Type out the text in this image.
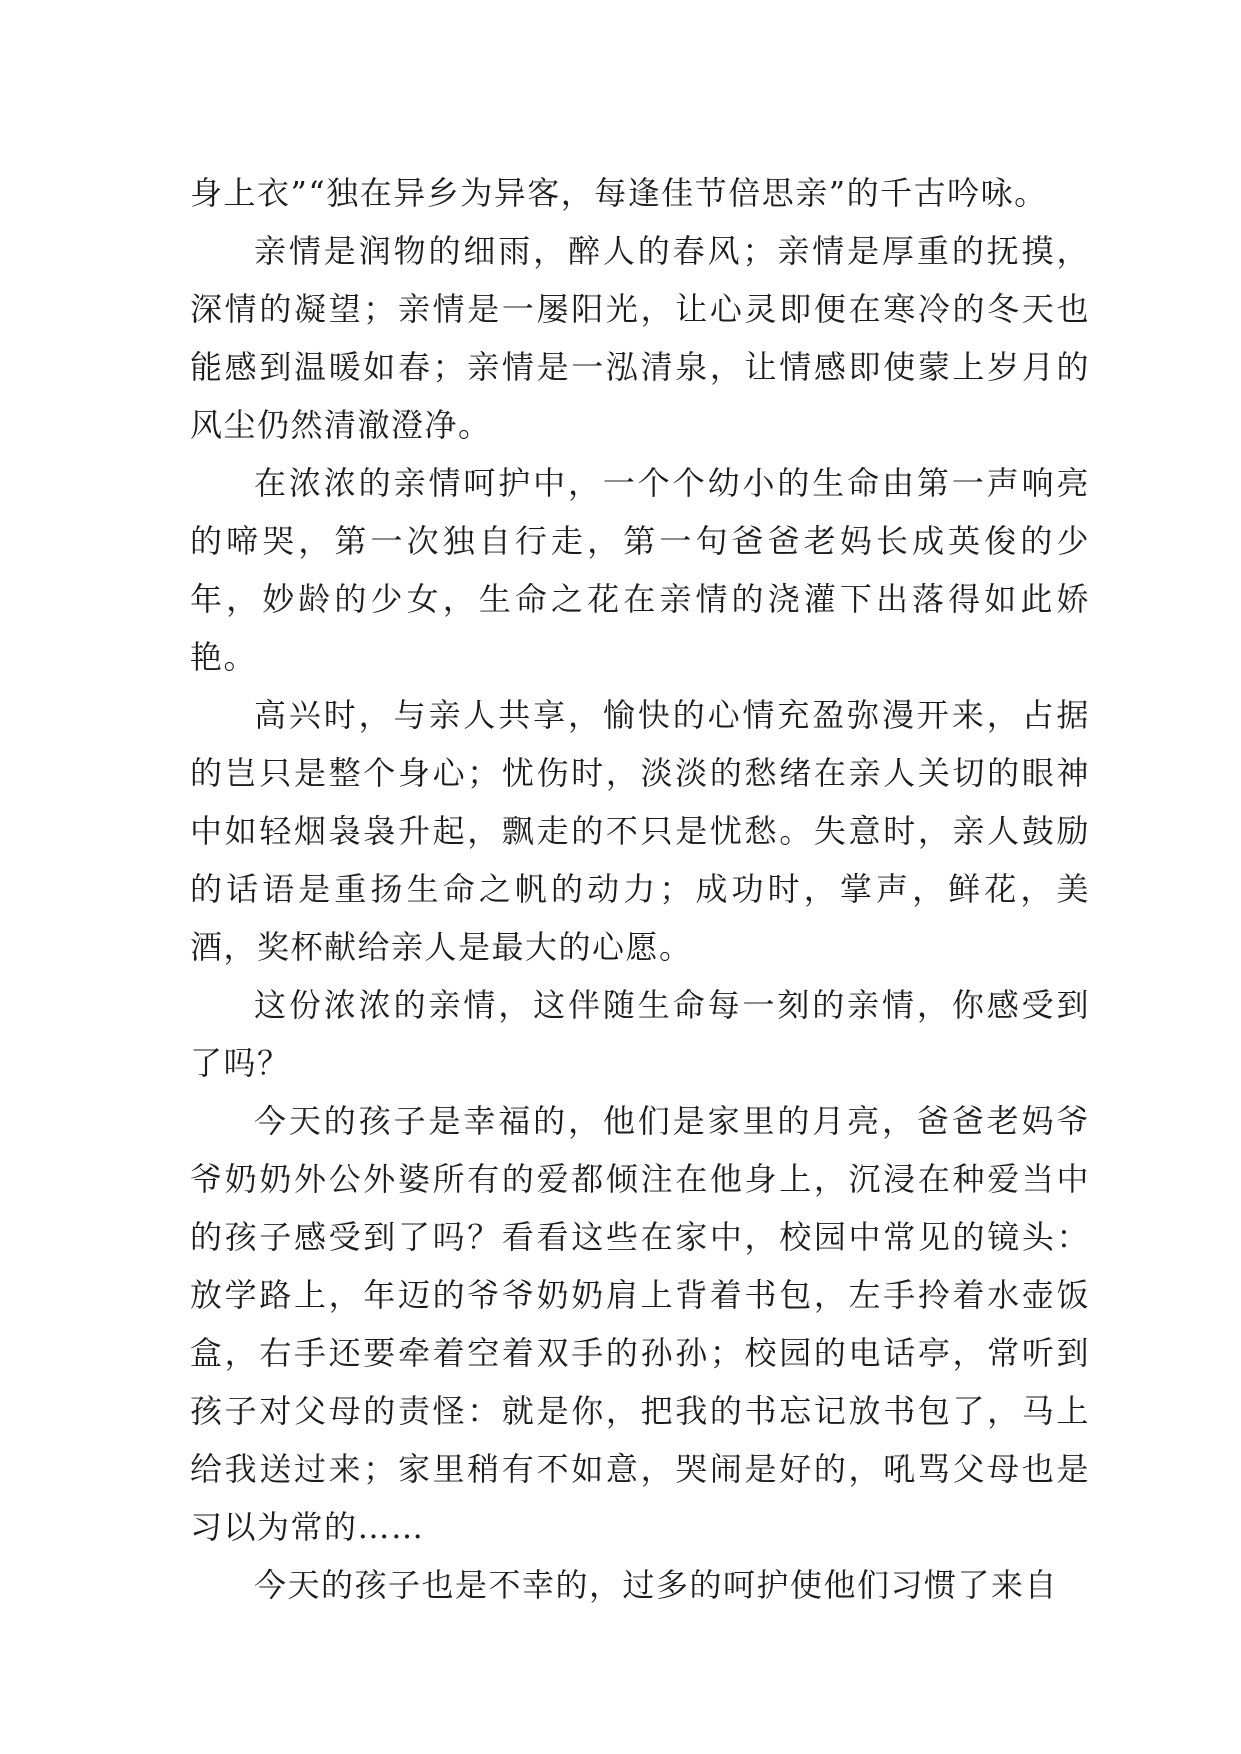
身上衣”“独在异乡为异客，每逢佳节倍思亲”的千古吟咏。

亲情是润物的细雨，醉人的春风；亲情是厚重的抚摸，深情的凝望；亲情是一屡阳光，让心灵即便在寒冷的冬天也能感到温暖如春；亲情是一泓清泉，让情感即使蒙上岁月的风尘仍然清澈澄净。

在浓浓的亲情呵护中，一个个幼小的生命由第一声响亮的啼哭，第一次独自行走，第一句爸爸老妈长成英俊的少年，妙龄的少女，生命之花在亲情的浇灌下出落得如此娇艳。

高兴时，与亲人共享，愉快的心情充盈弥漫开来，占据的岂只是整个身心；忧伤时，淡淡的愁绪在亲人关切的眼神中如轻烟袅袅升起，飘走的不只是忧愁。失意时，亲人鼓励的话语是重扬生命之帆的动力；成功时，掌声，鲜花，美酒，奖杯献给亲人是最大的心愿。

这份浓浓的亲情，这伴随生命每一刻的亲情，你感受到了吗？

今天的孩子是幸福的，他们是家里的月亮，爸爸老妈爷爷奶奶外公外婆所有的爱都倾注在他身上，沉浸在种爱当中的孩子感受到了吗？看看这些在家中，校园中常见的镜头：放学路上，年迈的爷爷奶奶肩上背着书包，左手拎着水壶饭盒，右手还要牵着空着双手的孙孙；校园的电话亭，常听到孩子对父母的责怪：就是你，把我的书忘记放书包了，马上给我送过来；家里稍有不如意，哭闹是好的，吼骂父母也是习以为常的……

今天的孩子也是不幸的，过多的呵护使他们习惯了来自
